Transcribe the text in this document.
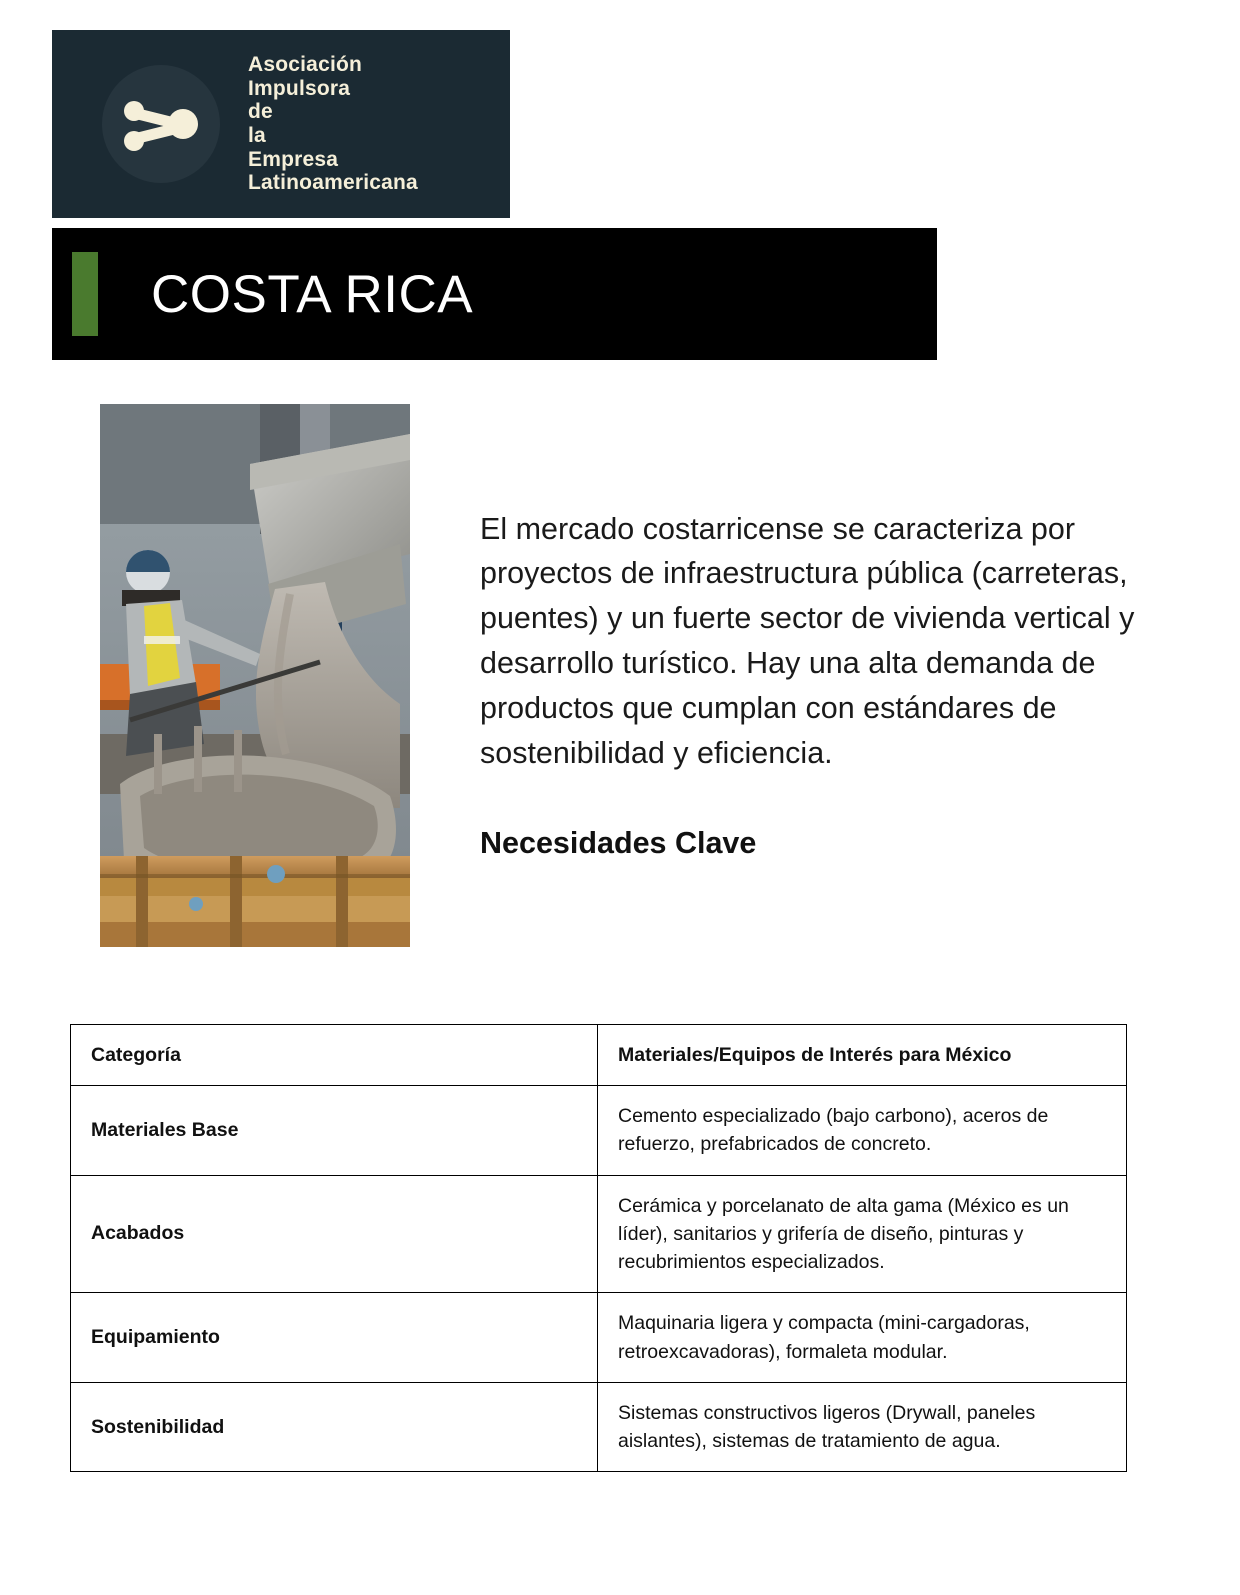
Asociación
Impulsora
de
la
Empresa
Latinoamericana
COSTA RICA

El mercado costarricense se caracteriza por proyectos de infraestructura pública (carreteras, puentes) y un fuerte sector de vivienda vertical y desarrollo turístico. Hay una alta demanda de productos que cumplan con estándares de sostenibilidad y eficiencia.

Necesidades Clave
Categoría	Materiales/Equipos de Interés para México
Materiales Base	Cemento especializado (bajo carbono), aceros de refuerzo, prefabricados de concreto.
Acabados	Cerámica y porcelanato de alta gama (México es un líder), sanitarios y grifería de diseño, pinturas y recubrimientos especializados.
Equipamiento	Maquinaria ligera y compacta (mini-cargadoras, retroexcavadoras), formaleta modular.
Sostenibilidad	Sistemas constructivos ligeros (Drywall, paneles aislantes), sistemas de tratamiento de agua.
